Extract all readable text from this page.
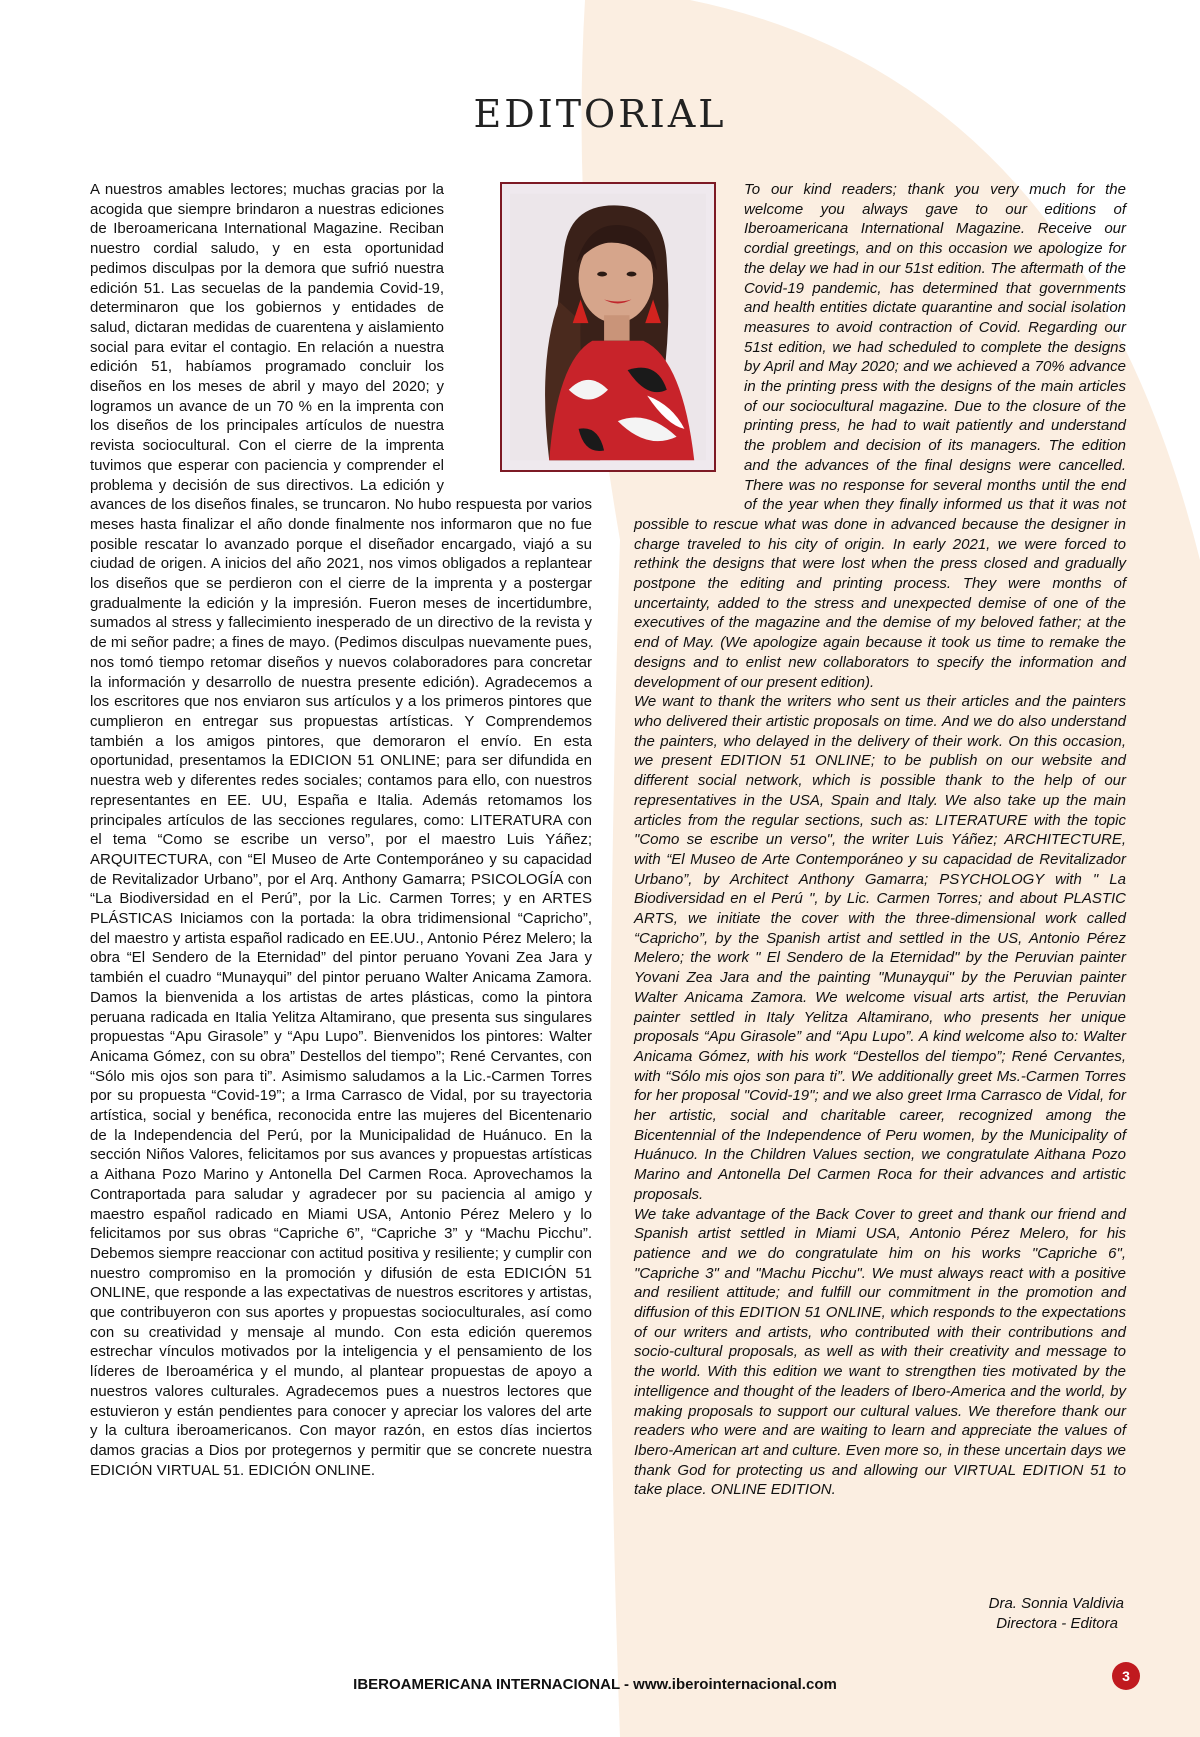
EDITORIAL

A nuestros amables lectores; muchas gracias por la acogida que siempre brindaron a nuestras ediciones de Iberoamericana International Magazine. Reciban nuestro cordial saludo, y en esta oportunidad pedimos disculpas por la demora que sufrió nuestra edición 51. Las secuelas de la pandemia Covid-19, determinaron que los gobiernos y entidades de salud, dictaran medidas de cuarentena y aislamiento social para evitar el contagio. En relación a nuestra edición 51, habíamos programado concluir los diseños en los meses de abril y mayo del 2020; y logramos un avance de un 70 % en la imprenta con los diseños de los principales artículos de nuestra revista sociocultural. Con el cierre de la imprenta tuvimos que esperar con paciencia y comprender el problema y decisión de sus directivos. La edición y avances de los diseños finales, se truncaron. No hubo respuesta por varios meses hasta finalizar el año donde finalmente nos informaron que no fue posible rescatar lo avanzado porque el diseñador encargado, viajó a su ciudad de origen. A inicios del año 2021, nos vimos obligados a replantear los diseños que se perdieron con el cierre de la imprenta y a postergar gradualmente la edición y la impresión. Fueron meses de incertidumbre, sumados al stress y fallecimiento inesperado de un directivo de la revista y de mi señor padre; a fines de mayo. (Pedimos disculpas nuevamente pues, nos tomó tiempo retomar diseños y nuevos colaboradores para concretar la información y desarrollo de nuestra presente edición). Agradecemos a los escritores que nos enviaron sus artículos y a los primeros pintores que cumplieron en entregar sus propuestas artísticas. Y Comprendemos también a los amigos pintores, que demoraron el envío. En esta oportunidad, presentamos la EDICION 51 ONLINE; para ser difundida en nuestra web y diferentes redes sociales; contamos para ello, con nuestros representantes en EE. UU, España e Italia. Además retomamos los principales artículos de las secciones regulares, como: LITERATURA con el tema “Como se escribe un verso”, por el maestro Luis Yáñez; ARQUITECTURA, con “El Museo de Arte Contemporáneo y su capacidad de Revitalizador Urbano”, por el Arq. Anthony Gamarra; PSICOLOGÍA con “La Biodiversidad en el Perú”, por la Lic. Carmen Torres; y en ARTES PLÁSTICAS Iniciamos con la portada: la obra tridimensional “Capricho”, del maestro y artista español radicado en EE.UU., Antonio Pérez Melero; la obra “El Sendero de la Eternidad” del pintor peruano Yovani Zea Jara y también el cuadro “Munayqui” del pintor peruano Walter Anicama Zamora. Damos la bienvenida a los artistas de artes plásticas, como la pintora peruana radicada en Italia Yelitza Altamirano, que presenta sus singulares propuestas “Apu Girasole” y “Apu Lupo”. Bienvenidos los pintores: Walter Anicama Gómez, con su obra” Destellos del tiempo”; René Cervantes, con “Sólo mis ojos son para ti”. Asimismo saludamos a la Lic.-Carmen Torres por su propuesta “Covid-19”; a Irma Carrasco de Vidal, por su trayectoria artística, social y benéfica, reconocida entre las mujeres del Bicentenario de la Independencia del Perú, por la Municipalidad de Huánuco. En la sección Niños Valores, felicitamos por sus avances y propuestas artísticas a Aithana Pozo Marino y Antonella Del Carmen Roca. Aprovechamos la Contraportada para saludar y agradecer por su paciencia al amigo y maestro español radicado en Miami USA, Antonio Pérez Melero y lo felicitamos por sus obras “Capriche 6”, “Capriche 3” y “Machu Picchu”. Debemos siempre reaccionar con actitud positiva y resiliente; y cumplir con nuestro compromiso en la promoción y difusión de esta EDICIÓN 51 ONLINE, que responde a las expectativas de nuestros escritores y artistas, que contribuyeron con sus aportes y propuestas socioculturales, así como con su creatividad y mensaje al mundo. Con esta edición queremos estrechar vínculos motivados por la inteligencia y el pensamiento de los líderes de Iberoamérica y el mundo, al plantear propuestas de apoyo a nuestros valores culturales. Agradecemos pues a nuestros lectores que estuvieron y están pendientes para conocer y apreciar los valores del arte y la cultura iberoamericanos. Con mayor razón, en estos días inciertos damos gracias a Dios por protegernos y permitir que se concrete nuestra EDICIÓN VIRTUAL 51. EDICIÓN ONLINE.

To our kind readers; thank you very much for the welcome you always gave to our editions of Iberoamericana International Magazine. Receive our cordial greetings, and on this occasion we apologize for the delay we had in our 51st edition. The aftermath of the Covid-19 pandemic, has determined that governments and health entities dictate quarantine and social isolation measures to avoid contraction of Covid. Regarding our 51st edition, we had scheduled to complete the designs by April and May 2020; and we achieved a 70% advance in the printing press with the designs of the main articles of our sociocultural magazine. Due to the closure of the printing press, he had to wait patiently and understand the problem and decision of its managers. The edition and the advances of the final designs were cancelled. There was no response for several months until the end of the year when they finally informed us that it was not possible to rescue what was done in advanced because the designer in charge traveled to his city of origin. In early 2021, we were forced to rethink the designs that were lost when the press closed and gradually postpone the editing and printing process. They were months of uncertainty, added to the stress and unexpected demise of one of the executives of the magazine and the demise of my beloved father; at the end of May. (We apologize again because it took us time to remake the designs and to enlist new collaborators to specify the information and development of our present edition).

We want to thank the writers who sent us their articles and the painters who delivered their artistic proposals on time. And we do also understand the painters, who delayed in the delivery of their work. On this occasion, we present EDITION 51 ONLINE; to be publish on our website and different social network, which is possible thank to the help of our representatives in the USA, Spain and Italy. We also take up the main articles from the regular sections, such as: LITERATURE with the topic "Como se escribe un verso", the writer Luis Yáñez; ARCHITECTURE, with “El Museo de Arte Contemporáneo y su capacidad de Revitalizador Urbano”, by Architect Anthony Gamarra; PSYCHOLOGY with " La Biodiversidad en el Perú ", by Lic. Carmen Torres; and about PLASTIC ARTS, we initiate the cover with the three-dimensional work called “Capricho”, by the Spanish artist and settled in the US, Antonio Pérez Melero; the work " El Sendero de la Eternidad" by the Peruvian painter Yovani Zea Jara and the painting "Munayqui" by the Peruvian painter Walter Anicama Zamora. We welcome visual arts artist, the Peruvian painter settled in Italy Yelitza Altamirano, who presents her unique proposals “Apu Girasole” and “Apu Lupo”. A kind welcome also to: Walter Anicama Gómez, with his work “Destellos del tiempo”; René Cervantes, with “Sólo mis ojos son para ti”. We additionally greet Ms.-Carmen Torres for her proposal "Covid-19"; and we also greet Irma Carrasco de Vidal, for her artistic, social and charitable career, recognized among the Bicentennial of the Independence of Peru women, by the Municipality of Huánuco. In the Children Values section, we congratulate Aithana Pozo Marino and Antonella Del Carmen Roca for their advances and artistic proposals.

We take advantage of the Back Cover to greet and thank our friend and Spanish artist settled in Miami USA, Antonio Pérez Melero, for his patience and we do congratulate him on his works "Capriche 6", "Capriche 3" and "Machu Picchu". We must always react with a positive and resilient attitude; and fulfill our commitment in the promotion and diffusion of this EDITION 51 ONLINE, which responds to the expectations of our writers and artists, who contributed with their contributions and socio-cultural proposals, as well as with their creativity and message to the world. With this edition we want to strengthen ties motivated by the intelligence and thought of the leaders of Ibero-America and the world, by making proposals to support our cultural values. We therefore thank our readers who were and are waiting to learn and appreciate the values of Ibero-American art and culture. Even more so, in these uncertain days we thank God for protecting us and allowing our VIRTUAL EDITION 51 to take place. ONLINE EDITION.

Dra. Sonnia Valdivia
Directora - Editora
IBEROAMERICANA INTERNACIONAL - www.iberointernacional.com	3
